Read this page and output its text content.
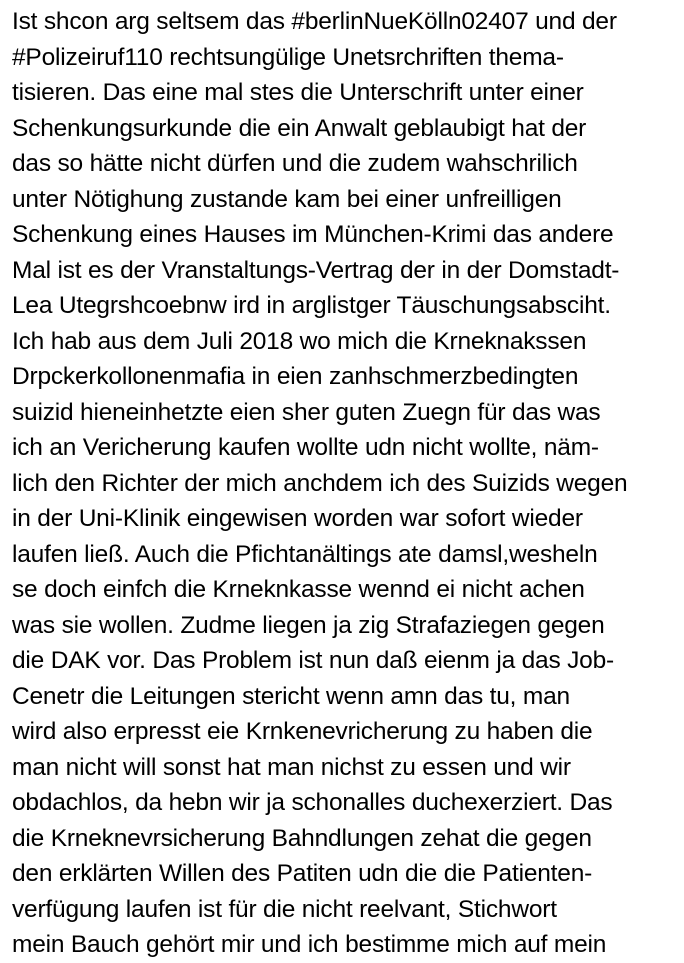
Ist shcon arg seltsem das #berlinNueKölln02407 und der
#Polizeiruf110 rechtsungülige Unetsrchriften thema-
tisieren. Das eine mal stes die Unterschrift unter einer
Schenkungsurkunde die ein Anwalt geblaubigt hat der
das so hätte nicht dürfen und die zudem wahschrilich
unter Nötighung zustande kam bei einer unfreilligen
Schenkung eines Hauses im München-Krimi das andere
Mal ist es der Vranstaltungs-Vertrag der in der Domstadt-
Lea Utegrshcoebnw ird in arglistger Täuschungsabsciht.
Ich hab aus dem Juli 2018 wo mich die Krneknakssen
Drpckerkollonenmafia in eien zanhschmerzbedingten
suizid hieneinhetzte eien sher guten Zuegn für das was
ich an Vericherung kaufen wollte udn nicht wollte, näm-
lich den Richter der mich anchdem ich des Suizids wegen
in der Uni-Klinik eingewisen worden war sofort wieder
laufen ließ. Auch die Pfichtanältings ate damsl,wesheln
se doch einfch die Krneknkasse wennd ei nicht achen
was sie wollen. Zudme liegen ja zig Strafaziegen gegen
die DAK vor. Das Problem ist nun daß eienm ja das Job-
Cenetr die Leitungen stericht wenn amn das tu, man
wird also erpresst eie Krnkenevricherung zu haben die
man nicht will sonst hat man nichst zu essen und wir
obdachlos, da hebn wir ja schonalles duchexerziert. Das
die Krneknevrsicherung Bahndlungen zehat die gegen
den erklärten Willen des Patiten udn die die Patienten-
verfügung laufen ist für die nicht reelvant, Stichwort
mein Bauch gehört mir und ich bestimme mich auf mein
